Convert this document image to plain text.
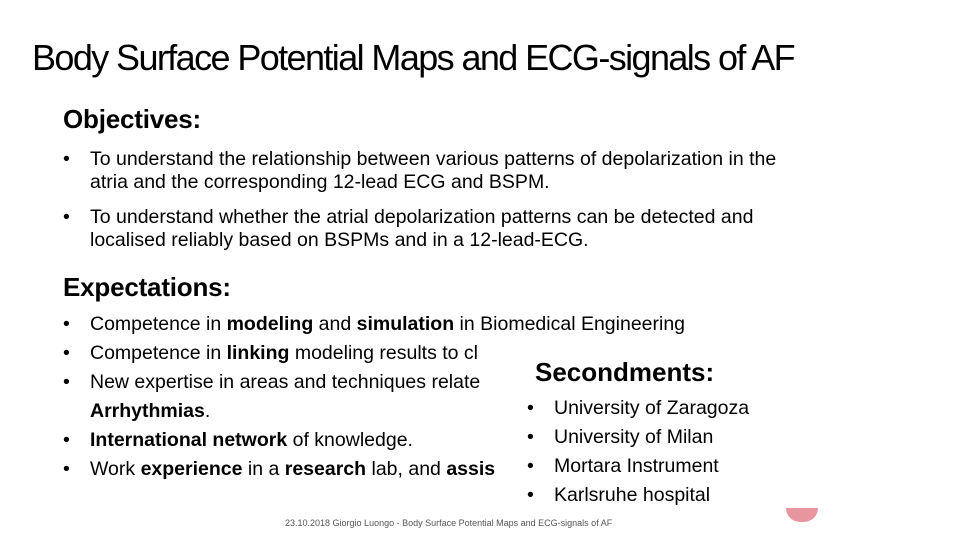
Body Surface Potential Maps and ECG-signals of AF
Objectives:
• To understand the relationship between various patterns of depolarization in the
atria and the corresponding 12-lead ECG and BSPM.
• To understand whether the atrial depolarization patterns can be detected and
localised reliably based on BSPMs and in a 12-lead-ECG.
Expectations:
• Competence in modeling and simulation in Biomedical Engineering
• Competence in linking modeling results to cl
• New expertise in areas and techniques relate
Arrhythmias.
• International network of knowledge.
• Work experience in a research lab, and assis
Secondments:
• University of Zaragoza
• University of Milan
• Mortara Instrument
• Karlsruhe hospital
23.10.2018 Giorgio Luongo - Body Surface Potential Maps and ECG-signals of AF
